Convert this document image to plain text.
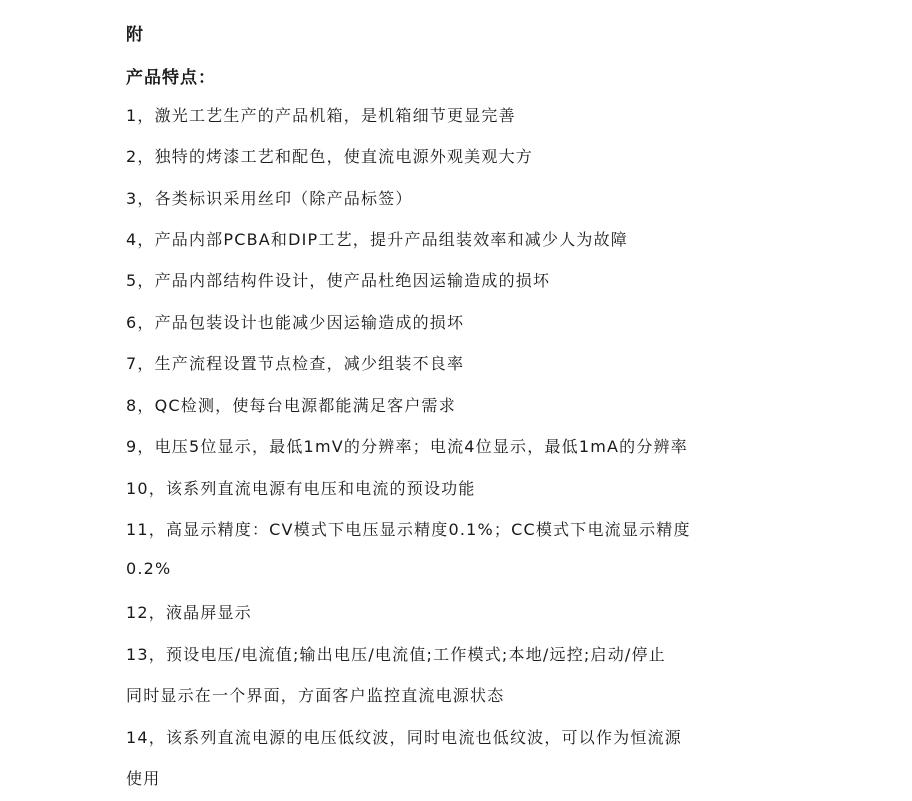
附
产品特点：
1，激光工艺生产的产品机箱，是机箱细节更显完善
2，独特的烤漆工艺和配色，使直流电源外观美观大方
3，各类标识采用丝印（除产品标签）
4，产品内部PCBA和DIP工艺，提升产品组装效率和减少人为故障
5，产品内部结构件设计，使产品杜绝因运输造成的损坏
6，产品包装设计也能减少因运输造成的损坏
7，生产流程设置节点检查，减少组装不良率
8，QC检测，使每台电源都能满足客户需求
9，电压5位显示，最低1mV的分辨率；电流4位显示，最低1mA的分辨率
10，该系列直流电源有电压和电流的预设功能
11，高显示精度：CV模式下电压显示精度0.1%；CC模式下电流显示精度
0.2%
12，液晶屏显示
13，预设电压/电流值;输出电压/电流值;工作模式;本地/远控;启动/停止
同时显示在一个界面，方面客户监控直流电源状态
14，该系列直流电源的电压低纹波，同时电流也低纹波，可以作为恒流源
使用
